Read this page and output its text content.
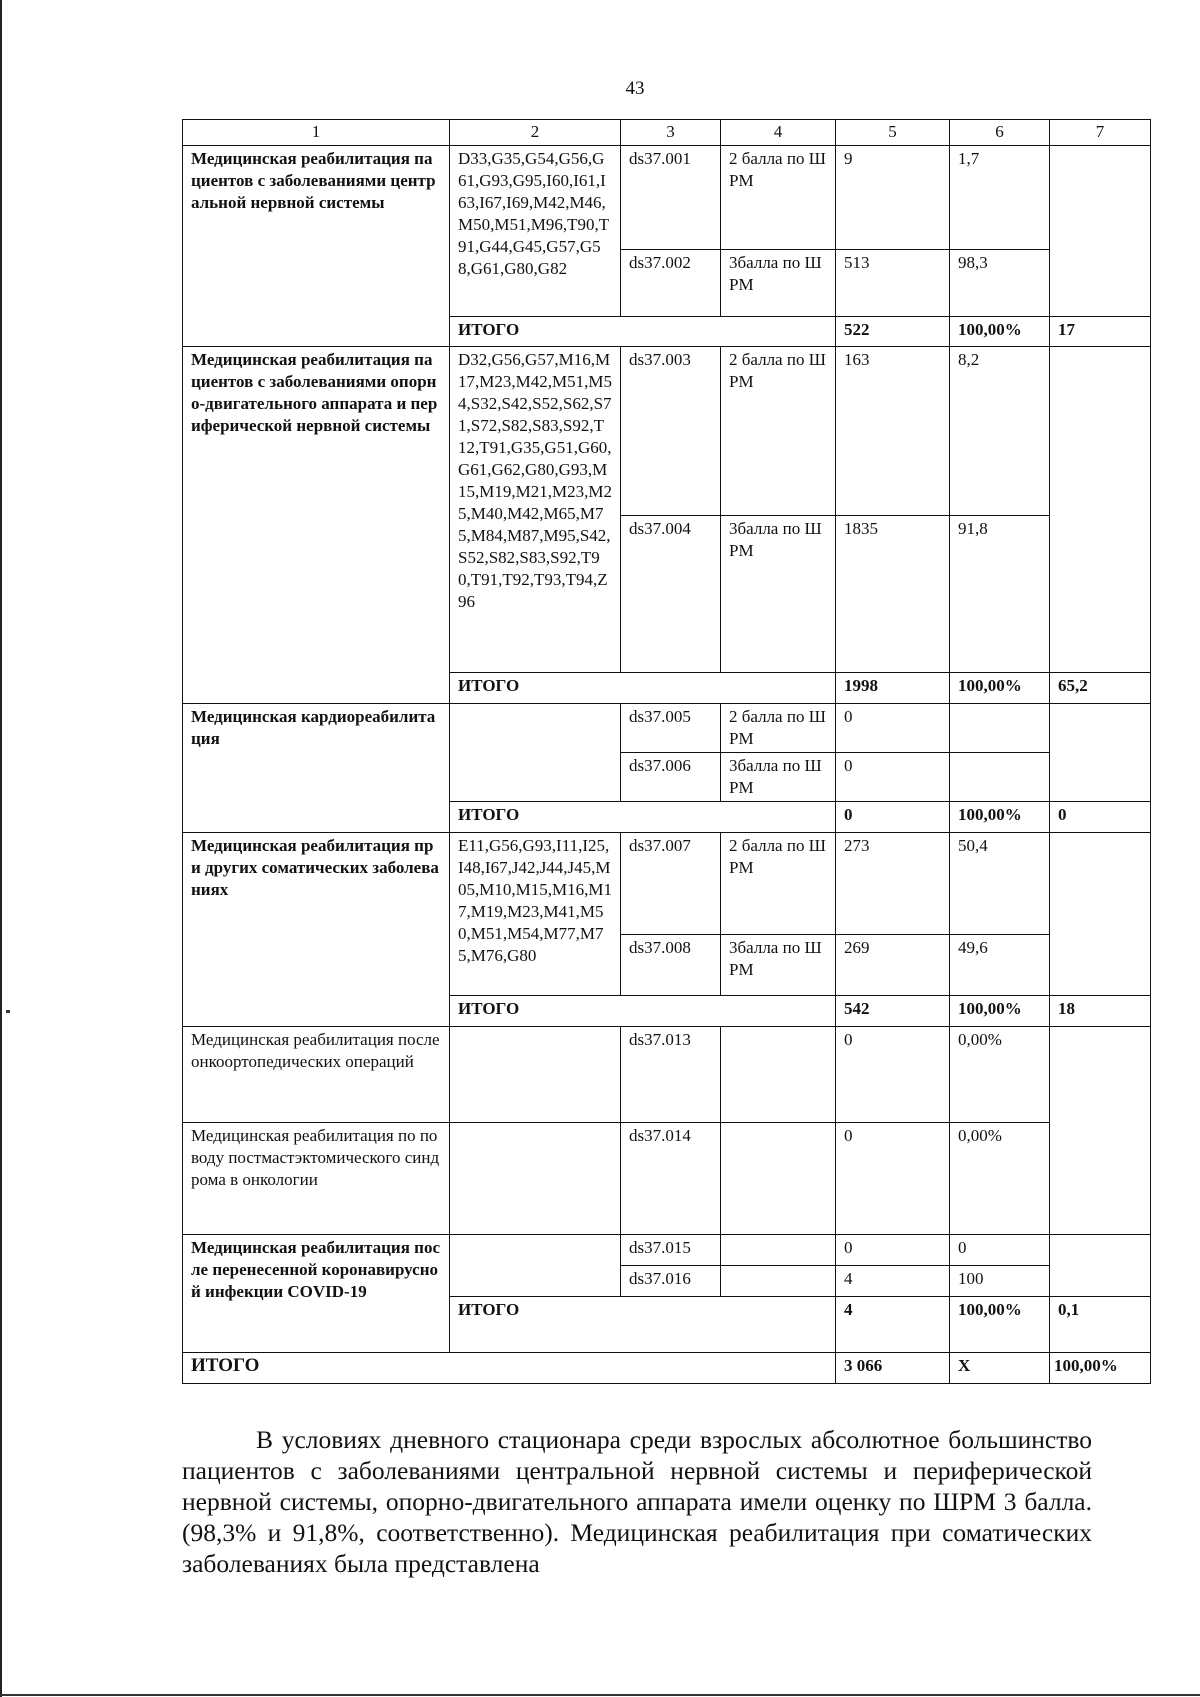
43
1	2	3	4	5	6	7
Медицинская реабилитация пациентов с заболеваниями центральной нервной системы	D33,G35,G54,G56,G61,G93,G95,I60,I61,I63,I67,I69,M42,M46,M50,M51,M96,T90,T91,G44,G45,G57,G58,G61,G80,G82	ds37.001	2 балла по ШРМ	9	1,7	
		ds37.002	3балла по ШРМ	513	98,3	
	ИТОГО			522	100,00%	17
Медицинская реабилитация пациентов с заболеваниями опорно-двигательного аппарата и периферической нервной системы	D32,G56,G57,M16,M17,M23,M42,M51,M54,S32,S42,S52,S62,S71,S72,S82,S83,S92,T12,T91,G35,G51,G60,G61,G62,G80,G93,M15,M19,M21,M23,M25,M40,M42,M65,M75,M84,M87,M95,S42,S52,S82,S83,S92,T90,T91,T92,T93,T94,Z96	ds37.003	2 балла по ШРМ	163	8,2	
		ds37.004	3балла по ШРМ	1835	91,8	
	ИТОГО			1998	100,00%	65,2
Медицинская кардиореабилитация		ds37.005	2 балла по ШРМ	0		
		ds37.006	3балла по ШРМ	0		
	ИТОГО			0	100,00%	0
Медицинская реабилитация при других соматических заболеваниях	E11,G56,G93,I11,I25,I48,I67,J42,J44,J45,M05,M10,M15,M16,M17,M19,M23,M41,M50,M51,M54,M77,M75,M76,G80	ds37.007	2 балла по ШРМ	273	50,4	
		ds37.008	3балла по ШРМ	269	49,6	
	ИТОГО			542	100,00%	18
Медицинская реабилитация после онкоортопедических операций		ds37.013		0	0,00%	
Медицинская реабилитация по поводу постмастэктомического синдрома в онкологии		ds37.014		0	0,00%	
Медицинская реабилитация после перенесенной коронавирусной инфекции COVID-19		ds37.015		0	0	
		ds37.016		4	100	
	ИТОГО			4	100,00%	0,1
ИТОГО				3 066	X	100,00%
В условиях дневного стационара среди взрослых абсолютное большинство пациентов с заболеваниями центральной нервной системы и периферической нервной системы, опорно-двигательного аппарата имели оценку по ШРМ 3 балла. (98,3% и 91,8%, соответственно). Медицинская реабилитация при соматических заболеваниях была представлена
